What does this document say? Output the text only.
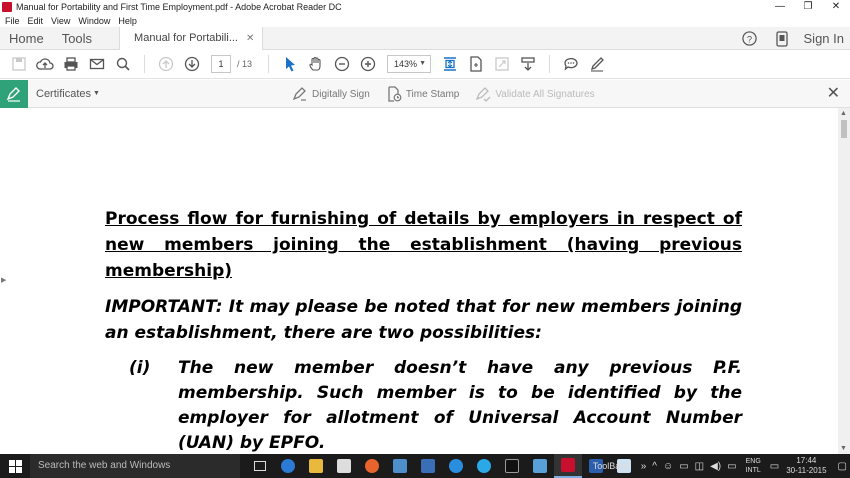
Manual for Portability and First Time Employment.pdf - Adobe Acrobat Reader DC	—	❐	✕
File Edit View Window Help
Home	Tools	Manual for Portabili... ✕	?	Sign In
1	/ 13	143% ▼
Certificates ▼	Digitally Sign	Time Stamp	Validate All Signatures	✕
Process flow for furnishing of details by employers in respect of new members joining the establishment (having previous membership)
IMPORTANT: It may please be noted that for new members joining an establishment, there are two possibilities:
(i)	The new member doesn’t have any previous P.F. membership. Such member is to be identified by the employer for allotment of Universal Account Number (UAN) by EPFO.
▶
▲
▼
Search the web and Windows	ToolBars » ^ ☺ ▭ ◫ ◀) ▭ ENG
INTL ▭	17:44
30-11-2015 ▢
